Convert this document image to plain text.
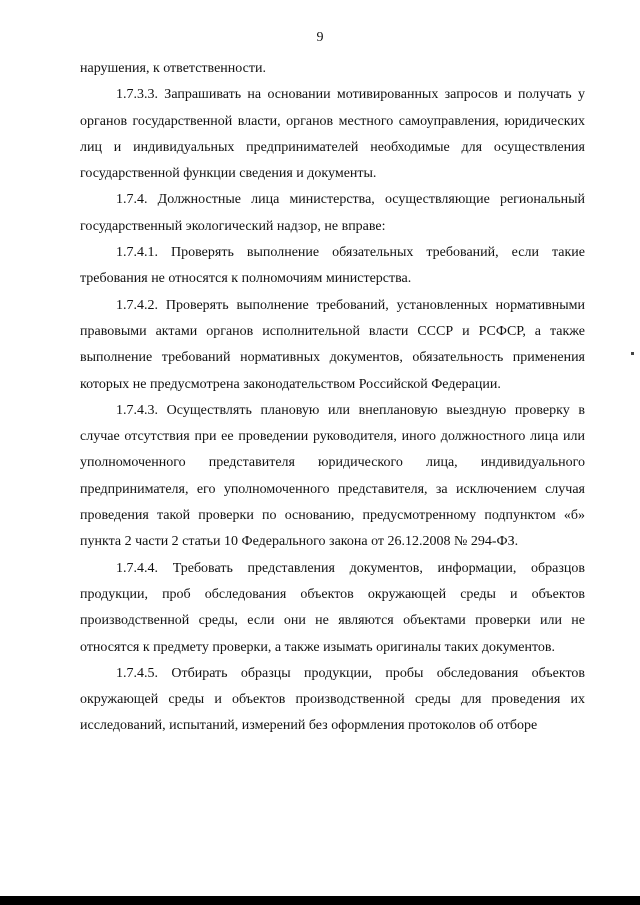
9

нарушения, к ответственности.

1.7.3.3. Запрашивать на основании мотивированных запросов и получать у органов государственной власти, органов местного самоуправления, юридических лиц и индивидуальных предпринимателей необходимые для осуществления государственной функции сведения и документы.

1.7.4. Должностные лица министерства, осуществляющие региональный государственный экологический надзор, не вправе:

1.7.4.1. Проверять выполнение обязательных требований, если такие требования не относятся к полномочиям министерства.

1.7.4.2. Проверять выполнение требований, установленных нормативными правовыми актами органов исполнительной власти СССР и РСФСР, а также выполнение требований нормативных документов, обязательность применения которых не предусмотрена законодательством Российской Федерации.

1.7.4.3. Осуществлять плановую или внеплановую выездную проверку в случае отсутствия при ее проведении руководителя, иного должностного лица или уполномоченного представителя юридического лица, индивидуального предпринимателя, его уполномоченного представителя, за исключением случая проведения такой проверки по основанию, предусмотренному подпунктом «б» пункта 2 части 2 статьи 10 Федерального закона от 26.12.2008 № 294-ФЗ.

1.7.4.4. Требовать представления документов, информации, образцов продукции, проб обследования объектов окружающей среды и объектов производственной среды, если они не являются объектами проверки или не относятся к предмету проверки, а также изымать оригиналы таких документов.

1.7.4.5. Отбирать образцы продукции, пробы обследования объектов окружающей среды и объектов производственной среды для проведения их исследований, испытаний, измерений без оформления протоколов об отборе
